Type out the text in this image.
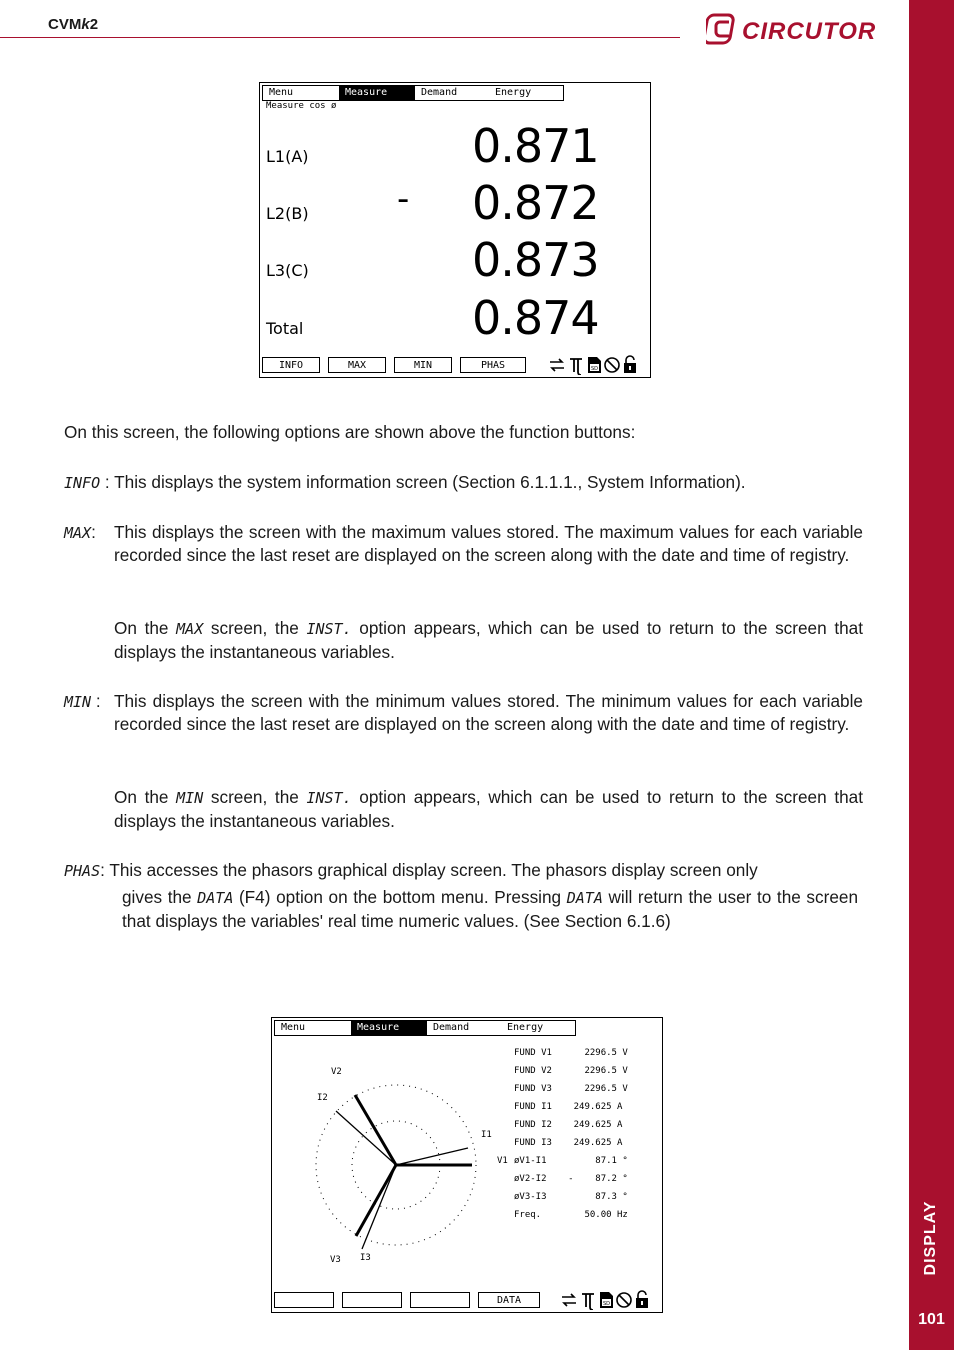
DISPLAY
101
CVMk2	CIRCUTOR
Menu	Measure	Demand	Energy
Measure cos ø
L1(A)	0.871
L2(B)	- 0.872
L3(C)	0.873
Total	0.874
INFO	MAX	MIN	PHAS	SD
On this screen, the following options are shown above the function buttons:
INFO : This displays the system information screen (Section 6.1.1.1., System Information).
MAX: This displays the screen with the maximum values stored. The maximum values for each variable recorded since the last reset are displayed on the screen along with the date and time of registry.
On the MAX screen, the INST. option appears, which can be used to return to the screen that displays the instantaneous variables.
MIN : This displays the screen with the minimum values stored. The minimum values for each variable recorded since the last reset are displayed on the screen along with the date and time of registry.
On the MIN screen, the INST. option appears, which can be used to return to the screen that displays the instantaneous variables.
PHAS: This accesses the phasors graphical display screen. The phasors display screen only
gives the DATA (F4) option on the bottom menu. Pressing DATA will return the user to the screen that displays the variables' real time numeric values. (See Section 6.1.6)
Menu	Measure	Demand	Energy
V2
I2
I1
V1
V3 I3
FUND V1      2296.5 V
FUND V2      2296.5 V
FUND V3      2296.5 V
FUND I1    249.625 A
FUND I2    249.625 A
FUND I3    249.625 A
øV1-I1         87.1 °
øV2-I2    -    87.2 °
øV3-I3         87.3 °
Freq.        50.00 Hz
DATA	SD
